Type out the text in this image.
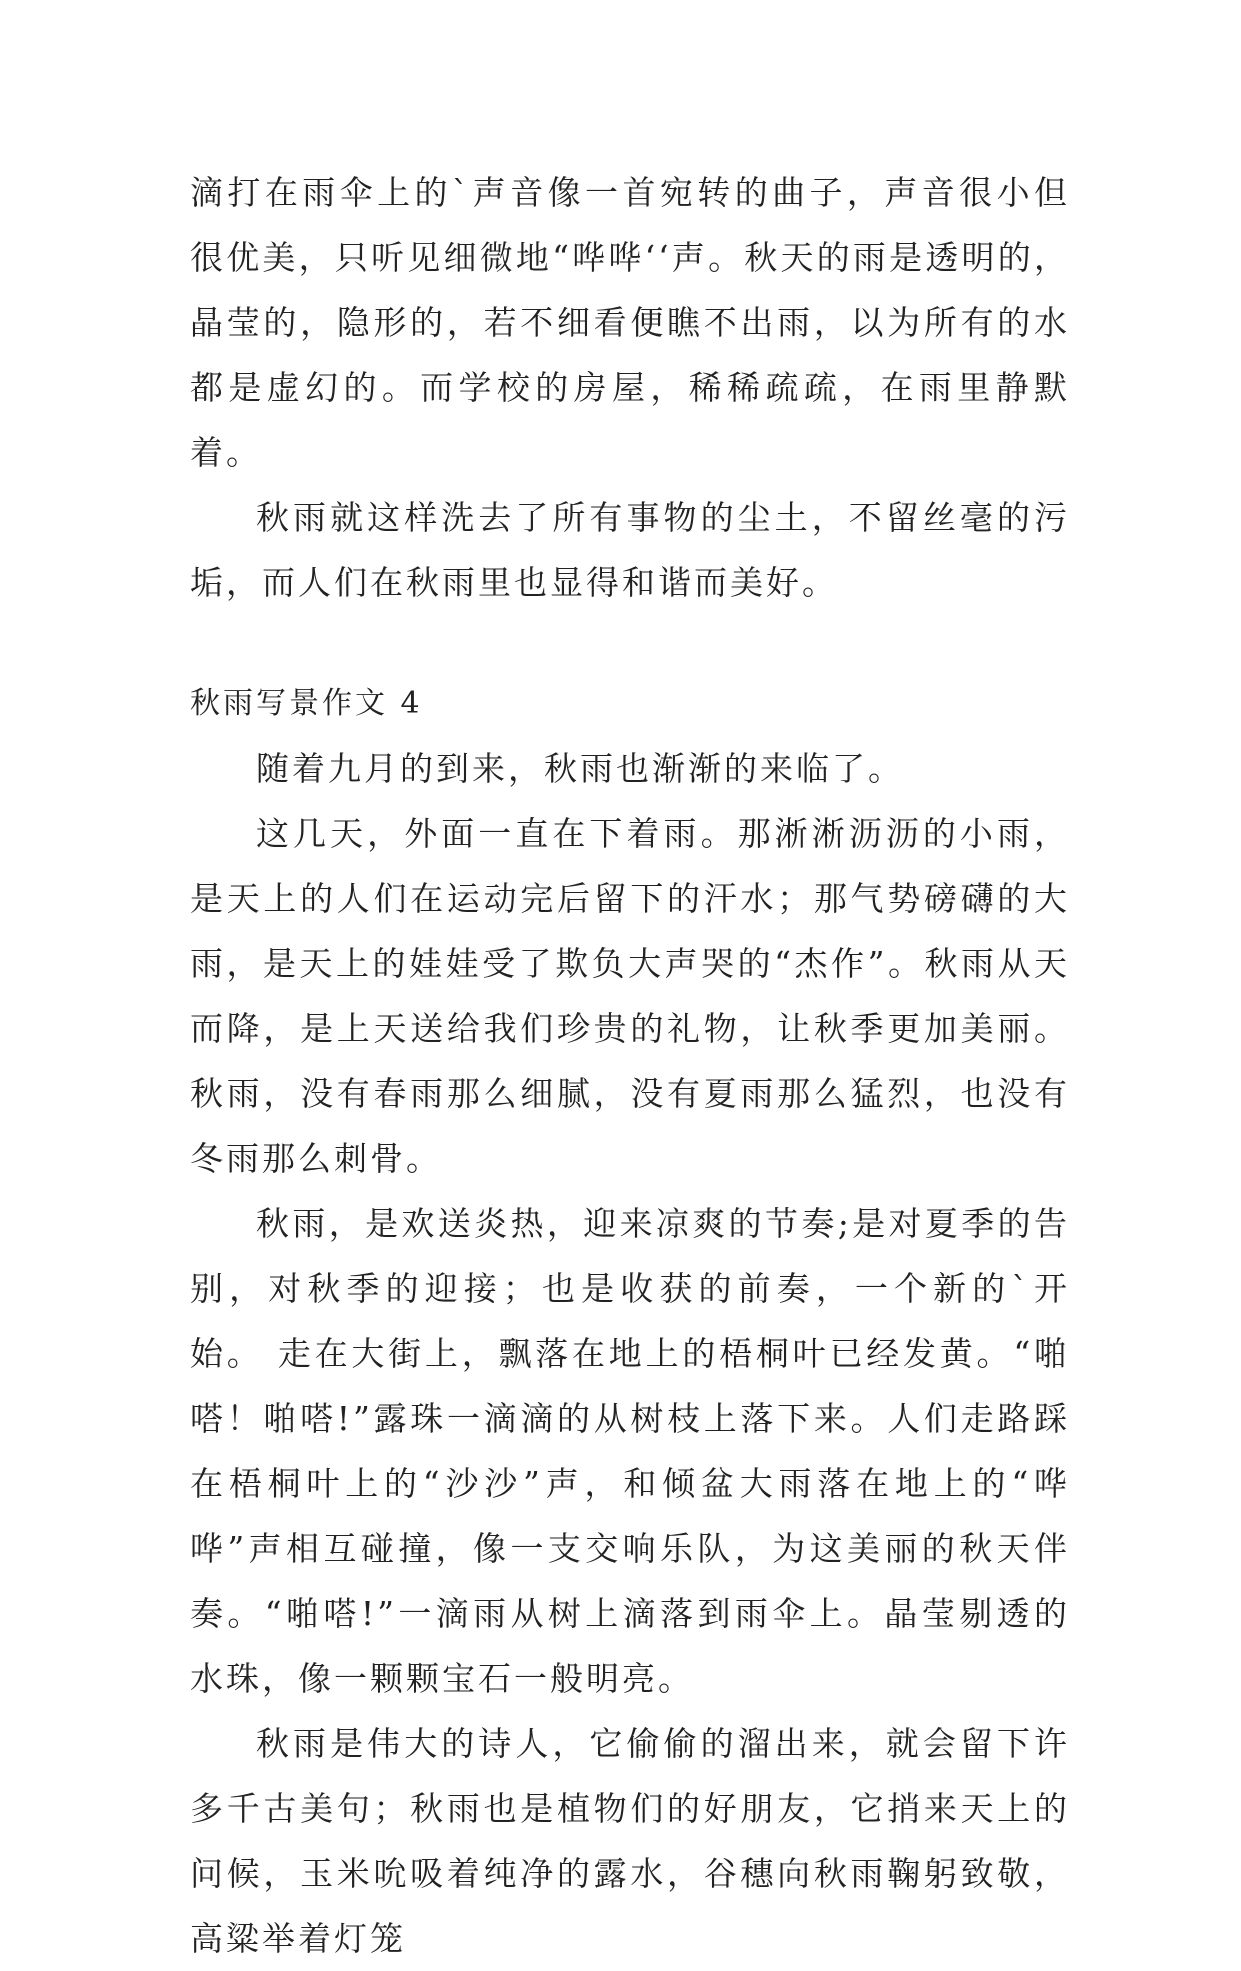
滴打在雨伞上的`声音像一首宛转的曲子，声音很小但很优美，只听见细微地“哗哗‘‘声。秋天的雨是透明的，晶莹的，隐形的，若不细看便瞧不出雨，以为所有的水都是虚幻的。而学校的房屋，稀稀疏疏，在雨里静默着。

秋雨就这样洗去了所有事物的尘土，不留丝毫的污垢，而人们在秋雨里也显得和谐而美好。

秋雨写景作文 4

随着九月的到来，秋雨也渐渐的来临了。

这几天，外面一直在下着雨。那淅淅沥沥的小雨，是天上的人们在运动完后留下的汗水；那气势磅礴的大雨，是天上的娃娃受了欺负大声哭的“杰作”。秋雨从天而降，是上天送给我们珍贵的礼物，让秋季更加美丽。 秋雨，没有春雨那么细腻，没有夏雨那么猛烈，也没有冬雨那么刺骨。

秋雨，是欢送炎热，迎来凉爽的节奏;是对夏季的告别，对秋季的迎接；也是收获的前奏，一个新的`开始。 走在大街上，飘落在地上的梧桐叶已经发黄。“啪嗒！啪嗒!”露珠一滴滴的从树枝上落下来。人们走路踩在梧桐叶上的“沙沙”声，和倾盆大雨落在地上的“哗哗”声相互碰撞，像一支交响乐队，为这美丽的秋天伴奏。“啪嗒!”一滴雨从树上滴落到雨伞上。晶莹剔透的水珠，像一颗颗宝石一般明亮。

秋雨是伟大的诗人，它偷偷的溜出来，就会留下许多千古美句；秋雨也是植物们的好朋友，它捎来天上的问候，玉米吮吸着纯净的露水，谷穗向秋雨鞠躬致敬，高粱举着灯笼
